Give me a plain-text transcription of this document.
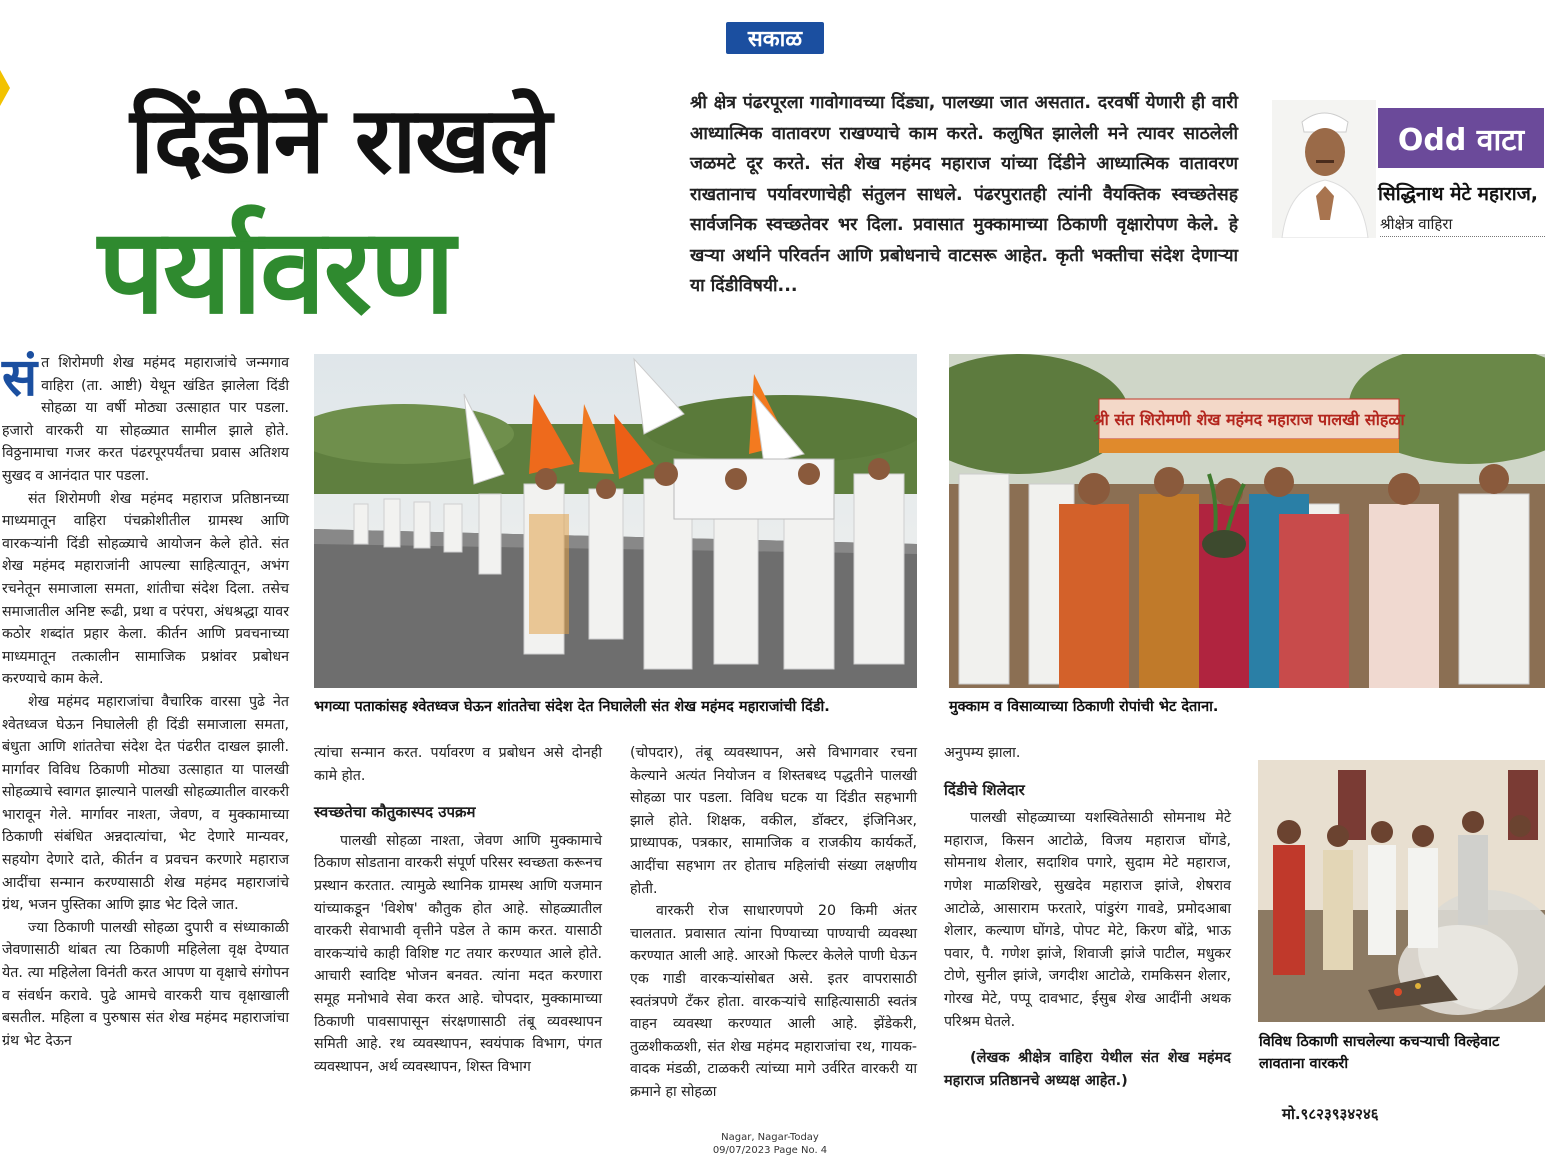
सकाळ
दिंडीने राखले
पर्यावरण
श्री क्षेत्र पंढरपूरला गावोगावच्या दिंड्या, पालख्या जात असतात. दरवर्षी येणारी ही वारी आध्यात्मिक वातावरण राखण्याचे काम करते. कलुषित झालेली मने त्यावर साठलेली जळमटे दूर करते. संत शेख महंमद महाराज यांच्या दिंडीने आध्यात्मिक वातावरण राखतानाच पर्यावरणाचेही संतुलन साधले. पंढरपुरातही त्यांनी वैयक्तिक स्वच्छतेसह सार्वजनिक स्वच्छतेवर भर दिला. प्रवासात मुक्कामाच्या ठिकाणी वृक्षारोपण केले. हे खऱ्या अर्थाने परिवर्तन आणि प्रबोधनाचे वाटसरू आहेत. कृती भक्तीचा संदेश देणाऱ्या या दिंडीविषयी...
Odd वाटा
सिद्धिनाथ मेटे महाराज,
श्रीक्षेत्र वाहिरा

संत शिरोमणी शेख महंमद महाराजांचे जन्मगाव वाहिरा (ता. आष्टी) येथून खंडित झालेला दिंडी सोहळा या वर्षी मोठ्या उत्साहात पार पडला. हजारो वारकरी या सोहळ्यात सामील झाले होते. विठ्ठनामाचा गजर करत पंढरपूरपर्यंतचा प्रवास अतिशय सुखद व आनंदात पार पडला.

संत शिरोमणी शेख महंमद महाराज प्रतिष्ठानच्या माध्यमातून वाहिरा पंचक्रोशीतील ग्रामस्थ आणि वारकऱ्यांनी दिंडी सोहळ्याचे आयोजन केले होते. संत शेख महंमद महाराजांनी आपल्या साहित्यातून, अभंग रचनेतून समाजाला समता, शांतीचा संदेश दिला. तसेच समाजातील अनिष्ट रूढी, प्रथा व परंपरा, अंधश्रद्धा यावर कठोर शब्दांत प्रहार केला. कीर्तन आणि प्रवचनाच्या माध्यमातून तत्कालीन सामाजिक प्रश्नांवर प्रबोधन करण्याचे काम केले.

शेख महंमद महाराजांचा वैचारिक वारसा पुढे नेत श्वेतध्वज घेऊन निघालेली ही दिंडी समाजाला समता, बंधुता आणि शांततेचा संदेश देत पंढरीत दाखल झाली. मार्गावर विविध ठिकाणी मोठ्या उत्साहात या पालखी सोहळ्याचे स्वागत झाल्याने पालखी सोहळ्यातील वारकरी भारावून गेले. मार्गावर नाश्ता, जेवण, व मुक्कामाच्या ठिकाणी संबंधित अन्नदात्यांचा, भेट देणारे मान्यवर, सहयोग देणारे दाते, कीर्तन व प्रवचन करणारे महाराज आदींचा सन्मान करण्यासाठी शेख महंमद महाराजांचे ग्रंथ, भजन पुस्तिका आणि झाड भेट दिले जात.

ज्या ठिकाणी पालखी सोहळा दुपारी व संध्याकाळी जेवणासाठी थांबत त्या ठिकाणी महिलेला वृक्ष देण्यात येत. त्या महिलेला विनंती करत आपण या वृक्षाचे संगोपन व संवर्धन करावे. पुढे आमचे वारकरी याच वृक्षाखाली बसतील. महिला व पुरुषास संत शेख महंमद महाराजांचा ग्रंथ भेट देऊन

भगव्या पताकांसह श्वेतध्वज घेऊन शांततेचा संदेश देत निघालेली संत शेख महंमद महाराजांची दिंडी.
श्री संत शिरोमणी शेख महंमद महाराज पालखी सोहळा
मुक्काम व विसाव्याच्या ठिकाणी रोपांची भेट देताना.

त्यांचा सन्मान करत. पर्यावरण व प्रबोधन असे दोनही कामे होत.

स्वच्छतेचा कौतुकास्पद उपक्रम

पालखी सोहळा नाश्ता, जेवण आणि मुक्कामाचे ठिकाण सोडताना वारकरी संपूर्ण परिसर स्वच्छता करूनच प्रस्थान करतात. त्यामुळे स्थानिक ग्रामस्थ आणि यजमान यांच्याकडून 'विशेष' कौतुक होत आहे. सोहळ्यातील वारकरी सेवाभावी वृत्तीने पडेल ते काम करत. यासाठी वारकऱ्यांचे काही विशिष्ट गट तयार करण्यात आले होते. आचारी स्वादिष्ट भोजन बनवत. त्यांना मदत करणारा समूह मनोभावे सेवा करत आहे. चोपदार, मुक्कामाच्या ठिकाणी पावसापासून संरक्षणासाठी तंबू व्यवस्थापन समिती आहे. रथ व्यवस्थापन, स्वयंपाक विभाग, पंगत व्यवस्थापन, अर्थ व्यवस्थापन, शिस्त विभाग

(चोपदार), तंबू व्यवस्थापन, असे विभागवार रचना केल्याने अत्यंत नियोजन व शिस्तबध्द पद्धतीने पालखी सोहळा पार पडला. विविध घटक या दिंडीत सहभागी झाले होते. शिक्षक, वकील, डॉक्टर, इंजिनिअर, प्राध्यापक, पत्रकार, सामाजिक व राजकीय कार्यकर्ते, आदींचा सहभाग तर होताच महिलांची संख्या लक्षणीय होती.

वारकरी रोज साधारणपणे 20 किमी अंतर चालतात. प्रवासात त्यांना पिण्याच्या पाण्याची व्यवस्था करण्यात आली आहे. आरओ फिल्टर केलेले पाणी घेऊन एक गाडी वारकऱ्यांसोबत असे. इतर वापरासाठी स्वतंत्रपणे टँकर होता. वारकऱ्यांचे साहित्यासाठी स्वतंत्र वाहन व्यवस्था करण्यात आली आहे. झेंडेकरी, तुळशीकळशी, संत शेख महंमद महाराजांचा रथ, गायक- वादक मंडळी, टाळकरी त्यांच्या मागे उर्वरित वारकरी या क्रमाने हा सोहळा

अनुपम्य झाला.

दिंडीचे शिलेदार

पालखी सोहळ्याच्या यशस्वितेसाठी सोमनाथ मेटे महाराज, किसन आटोळे, विजय महाराज घोंगडे, सोमनाथ शेलार, सदाशिव पगारे, सुदाम मेटे महाराज, गणेश माळशिखरे, सुखदेव महाराज झांजे, शेषराव आटोळे, आसाराम फरतारे, पांडुरंग गावडे, प्रमोदआबा शेलार, कल्याण घोंगडे, पोपट मेटे, किरण बोंद्रे, भाऊ पवार, पै. गणेश झांजे, शिवाजी झांजे पाटील, मधुकर टोणे, सुनील झांजे, जगदीश आटोळे, रामकिसन शेलार, गोरख मेटे, पप्पू दावभाट, ईसुब शेख आदींनी अथक परिश्रम घेतले.

(लेखक श्रीक्षेत्र वाहिरा येथील संत शेख महंमद महाराज प्रतिष्ठानचे अध्यक्ष आहेत.)

विविध ठिकाणी साचलेल्या कचऱ्याची विल्हेवाट लावताना वारकरी
मो.९८२३९३४२४६
Nagar, Nagar-Today
09/07/2023 Page No. 4
